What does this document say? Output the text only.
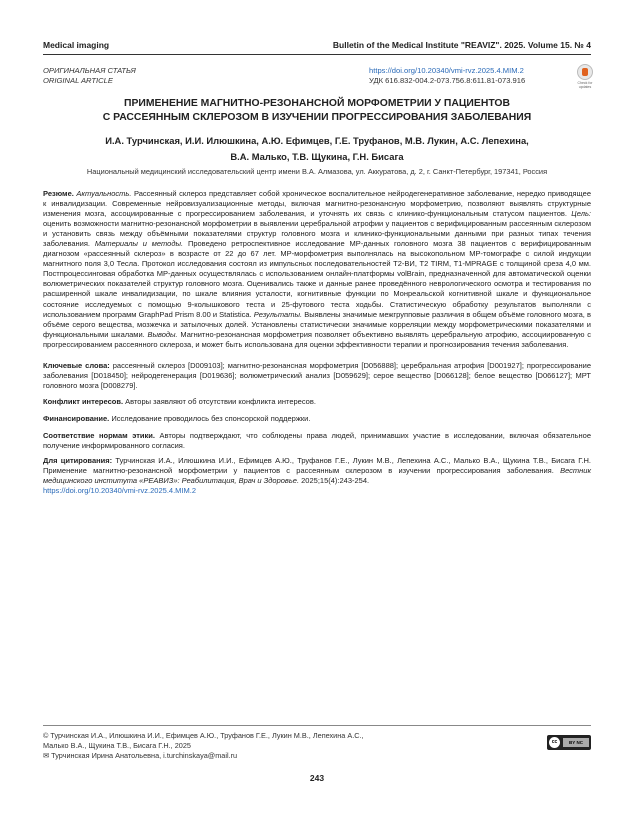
Medical imaging	Bulletin of the Medical Institute "REAVIZ". 2025. Volume 15. № 4
ОРИГИНАЛЬНАЯ СТАТЬЯ
ORIGINAL ARTICLE
https://doi.org/10.20340/vmi-rvz.2025.4.MIM.2
УДК 616.832-004.2-073.756.8:611.81-073.916	Check for updates
ПРИМЕНЕНИЕ МАГНИТНО-РЕЗОНАНСНОЙ МОРФОМЕТРИИ У ПАЦИЕНТОВ
С РАССЕЯННЫМ СКЛЕРОЗОМ В ИЗУЧЕНИИ ПРОГРЕССИРОВАНИЯ ЗАБОЛЕВАНИЯ
И.А. Турчинская, И.И. Илюшкина, А.Ю. Ефимцев, Г.Е. Труфанов, М.В. Лукин, А.С. Лепехина,
В.А. Малько, Т.В. Щукина, Г.Н. Бисага
Национальный медицинский исследовательский центр имени В.А. Алмазова, ул. Аккуратова, д. 2, г. Санкт-Петербург, 197341, Россия
Резюме. Актуальность. Рассеянный склероз представляет собой хроническое воспалительное нейродегенеративное заболевание, нередко приводящее к инвалидизации. Современные нейровизуализационные методы, включая магнитно-резонансную морфометрию, позволяют выявлять структурные изменения мозга, ассоциированные с прогрессированием заболевания, и уточнять их связь с клинико-функциональным статусом пациентов. Цель: оценить возможности магнитно-резонансной морфометрии в выявлении церебральной атрофии у пациентов с верифицированным рассеянным склерозом и установить связь между объёмными показателями структур головного мозга и клинико-функциональными данными при разных типах течения заболевания. Материалы и методы. Проведено ретроспективное исследование МР-данных головного мозга 38 пациентов с верифицированным диагнозом «рассеянный склероз» в возрасте от 22 до 67 лет. МР-морфометрия выполнялась на высокопольном МР-томографе с силой индукции магнитного поля 3,0 Тесла. Протокол исследования состоял из импульсных последовательностей T2-ВИ, T2 TIRM, T1-MPRAGE с толщиной среза 4,0 мм. Постпроцессинговая обработка МР-данных осуществлялась с использованием онлайн-платформы volBrain, предназначенной для автоматической оценки волюметрических показателей структур головного мозга. Оценивались также и данные ранее проведённого неврологического осмотра и тестирования по расширенной шкале инвалидизации, по шкале влияния усталости, когнитивные функции по Монреальской когнитивной шкале и функциональное состояние исследуемых с помощью 9-колышкового теста и 25-футового теста ходьбы. Статистическую обработку результатов выполняли с использованием программ GraphPad Prism 8.00 и Statistica. Результаты. Выявлены значимые межгрупповые различия в общем объёме головного мозга, в объёме серого вещества, мозжечка и затылочных долей. Установлены статистически значимые корреляции между морфометрическими показателями и функциональными шкалами. Выводы. Магнитно-резонансная морфометрия позволяет объективно выявлять церебральную атрофию, ассоциированную с прогрессированием рассеянного склероза, и может быть использована для оценки эффективности терапии и прогнозирования течения заболевания.
Ключевые слова: рассеянный склероз [D009103]; магнитно-резонансная морфометрия [D056888]; церебральная атрофия [D001927]; прогрессирование заболевания [D018450]; нейродегенерация [D019636]; волюметрический анализ [D059629]; серое вещество [D066128]; белое вещество [D066127]; МРТ головного мозга [D008279].
Конфликт интересов. Авторы заявляют об отсутствии конфликта интересов.
Финансирование. Исследование проводилось без спонсорской поддержки.
Соответствие нормам этики. Авторы подтверждают, что соблюдены права людей, принимавших участие в исследовании, включая обязательное получение информированного согласия.
Для цитирования: Турчинская И.А., Илюшкина И.И., Ефимцев А.Ю., Труфанов Г.Е., Лукин М.В., Лепехина А.С., Малько В.А., Щукина Т.В., Бисага Г.Н. Применение магнитно-резонансной морфометрии у пациентов с рассеянным склерозом в изучении прогрессирования заболевания. Вестник медицинского института «РЕАВИЗ»: Реабилитация, Врач и Здоровье. 2025;15(4):243-254.
https://doi.org/10.20340/vmi-rvz.2025.4.MIM.2
© Турчинская И.А., Илюшкина И.И., Ефимцев А.Ю., Труфанов Г.Е., Лукин М.В., Лепехина А.С.,
Малько В.А., Щукина Т.В., Бисага Г.Н., 2025
✉ Турчинская Ирина Анатольевна, i.turchinskaya@mail.ru
cc	BY NC
243
